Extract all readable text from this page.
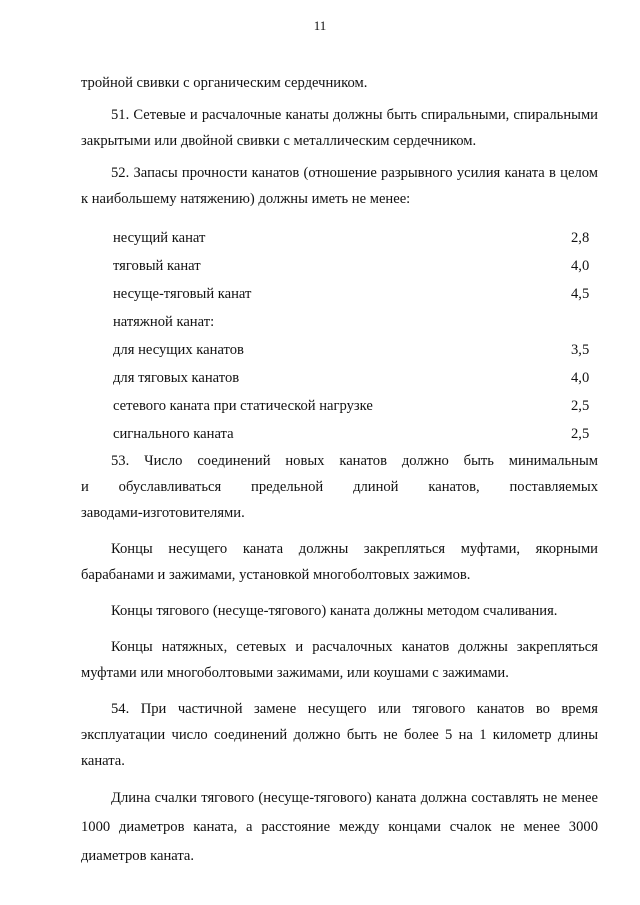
11

тройной свивки с органическим сердечником.

51. Сетевые и расчалочные канаты должны быть спиральными, спиральными закрытыми или двойной свивки с металлическим сердечником.

52. Запасы прочности канатов (отношение разрывного усилия каната в целом к наибольшему натяжению) должны иметь не менее:

несущий канат	2,8
тяговый канат	4,0
несуще-тяговый канат	4,5
натяжной канат:
для несущих канатов	3,5
для тяговых канатов	4,0
сетевого каната при статической нагрузке	2,5
сигнального каната	2,5

53. Число соединений новых канатов должно быть минимальным

и обуславливаться предельной длиной канатов, поставляемых

заводами-изготовителями.

Концы несущего каната должны закрепляться муфтами, якорными барабанами и зажимами, установкой многоболтовых зажимов.

Концы тягового (несуще-тягового) каната должны методом счаливания.

Концы натяжных, сетевых и расчалочных канатов должны закрепляться муфтами или многоболтовыми зажимами, или коушами с зажимами.

54. При частичной замене несущего или тягового канатов во время эксплуатации число соединений должно быть не более 5 на 1 километр длины каната.

Длина счалки тягового (несуще-тягового) каната должна составлять не менее 1000 диаметров каната, а расстояние между концами счалок не менее 3000 диаметров каната.
